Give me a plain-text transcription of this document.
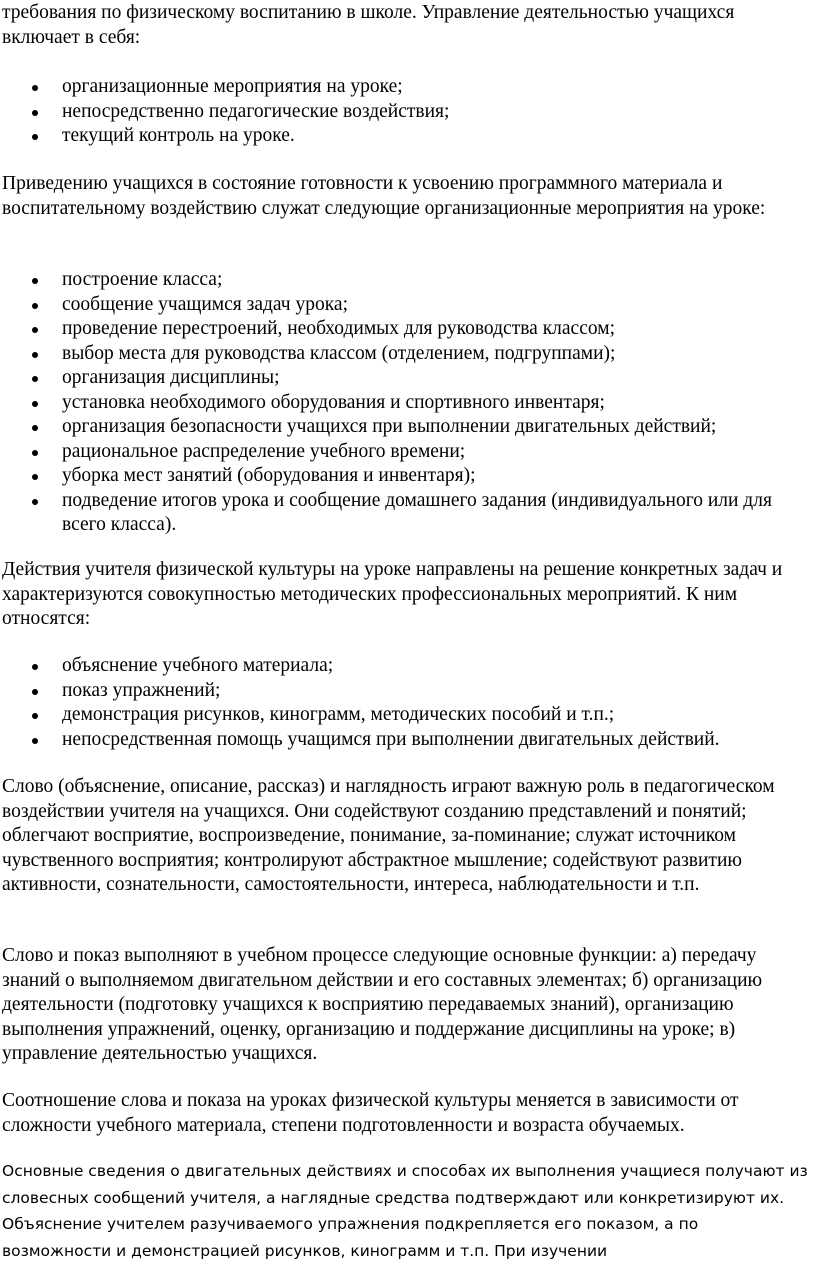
требования по физическому воспитанию в школе. Управление деятельностью учащихся включает в себя:

организационные мероприятия на уроке;
непосредственно педагогические воздействия;
текущий контроль на уроке.

Приведению учащихся в состояние готовности к усвоению программного материала и воспитательному воздействию служат следующие организационные мероприятия на уроке:

построение класса;
сообщение учащимся задач урока;
проведение перестроений, необходимых для руководства классом;
выбор места для руководства классом (отделением, подгруппами);
организация дисциплины;
установка необходимого оборудования и спортивного инвентаря;
организация безопасности учащихся при выполнении двигательных действий;
рациональное распределение учебного времени;
уборка мест занятий (оборудования и инвентаря);
подведение итогов урока и сообщение домашнего задания (индивидуального или для всего класса).

Действия учителя физической культуры на уроке направлены на решение конкретных задач и характеризуются совокупностью методических профессиональных мероприятий. К ним относятся:

объяснение учебного материала;
показ упражнений;
демонстрация рисунков, кинограмм, методических пособий и т.п.;
непосредственная помощь учащимся при выполнении двигательных действий.

Слово (объяснение, описание, рассказ) и наглядность играют важную роль в педагогическом воздействии учителя на учащихся. Они содействуют созданию представлений и понятий; облегчают восприятие, воспроизведение, понимание, за-поминание; служат источником чувственного восприятия; контролируют абстрактное мышление; содействуют развитию активности, сознательности, самостоятельности, интереса, наблюдательности и т.п.

Слово и показ выполняют в учебном процессе следующие основные функции: а) передачу знаний о выполняемом двигательном действии и его составных элементах; б) организацию деятельности (подготовку учащихся к восприятию передаваемых знаний), организацию выполнения упражнений, оценку, организацию и поддержание дисциплины на уроке; в) управление деятельностью учащихся.

Соотношение слова и показа на уроках физической культуры меняется в зависимости от сложности учебного материала, степени подготовленности и возраста обучаемых.

Основные сведения о двигательных действиях и способах их выполнения учащиеся получают из словесных сообщений учителя, а наглядные средства подтверждают или конкретизируют их. Объяснение учителем разучиваемого упражнения подкрепляется его показом, а по возможности и демонстрацией рисунков, кинограмм и т.п. При изучении
